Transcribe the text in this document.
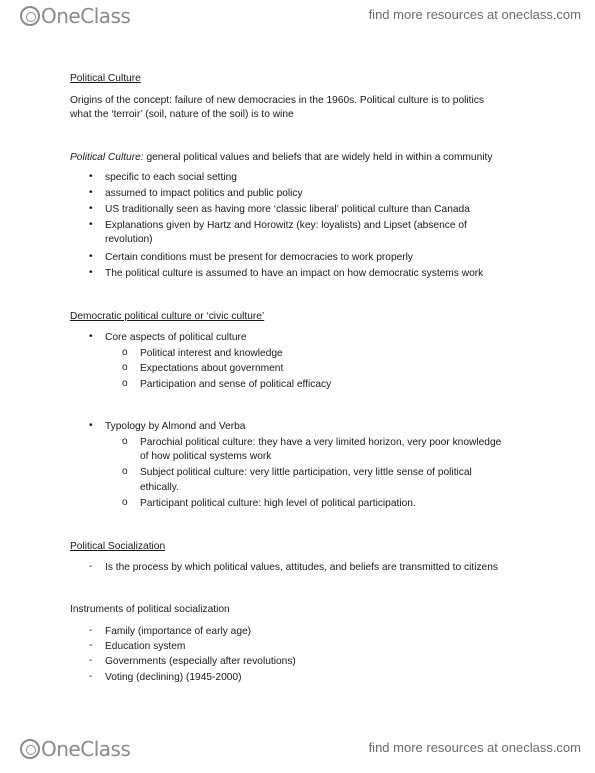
OneClass	find more resources at oneclass.com
Political Culture
Origins of the concept: failure of new democracies in the 1960s. Political culture is to politics
what the ‘terroir’ (soil, nature of the soil) is to wine
Political Culture: general political values and beliefs that are widely held in within a community
• specific to each social setting
• assumed to impact politics and public policy
• US traditionally seen as having more ‘classic liberal’ political culture than Canada
• Explanations given by Hartz and Horowitz (key: loyalists) and Lipset (absence of
revolution)
• Certain conditions must be present for democracies to work properly
• The political culture is assumed to have an impact on how democratic systems work
Democratic political culture or ‘civic culture’
• Core aspects of political culture
o Political interest and knowledge
o Expectations about government
o Participation and sense of political efficacy
• Typology by Almond and Verba
o Parochial political culture: they have a very limited horizon, very poor knowledge
of how political systems work
o Subject political culture: very little participation, very little sense of political
ethically.
o Participant political culture: high level of political participation.
Political Socialization
- Is the process by which political values, attitudes, and beliefs are transmitted to citizens
Instruments of political socialization
- Family (importance of early age)
- Education system
- Governments (especially after revolutions)
- Voting (declining) (1945-2000)
OneClass	find more resources at oneclass.com
